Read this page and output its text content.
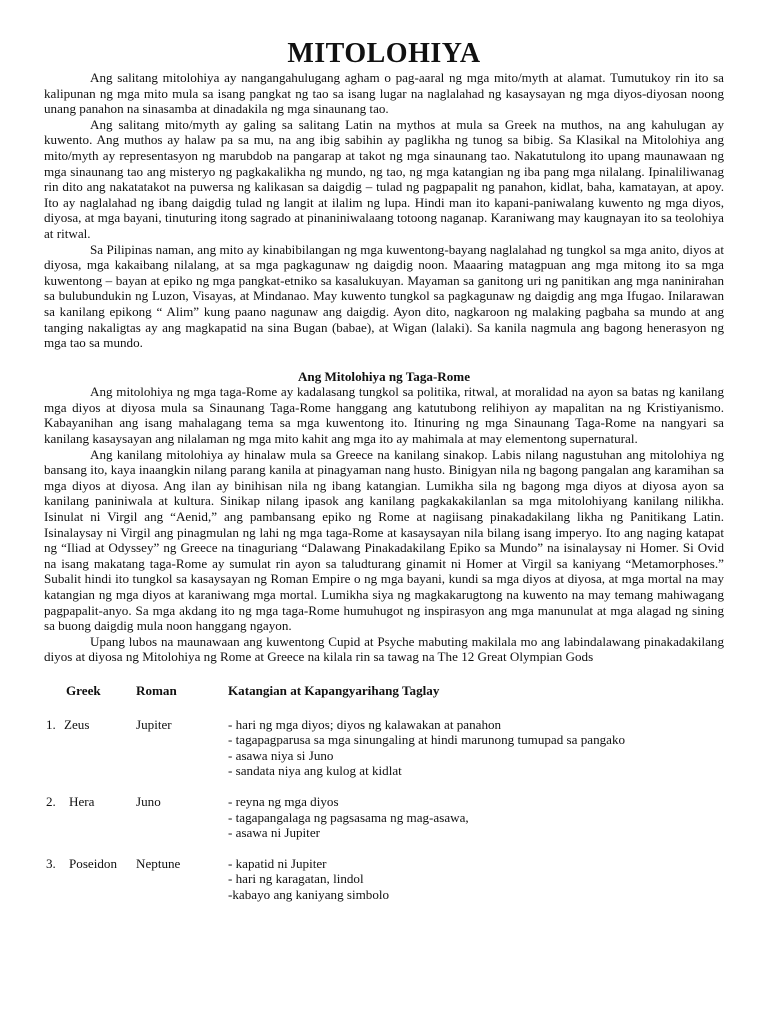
MITOLOHIYA

Ang salitang mitolohiya ay nangangahulugang agham o pag-aaral ng mga mito/myth at alamat. Tumutukoy rin ito sa kalipunan ng mga mito mula sa isang pangkat ng tao sa isang lugar na naglalahad ng kasaysayan ng mga diyos-diyosan noong unang panahon na sinasamba at dinadakila ng mga sinaunang tao.

Ang salitang mito/myth ay galing sa salitang Latin na mythos at mula sa Greek na muthos, na ang kahulugan ay kuwento. Ang muthos ay halaw pa sa mu, na ang ibig sabihin ay paglikha ng tunog sa bibig. Sa Klasikal na Mitolohiya ang mito/myth ay representasyon ng marubdob na pangarap at takot ng mga sinaunang tao. Nakatutulong ito upang maunawaan ng mga sinaunang tao ang misteryo ng pagkakalikha ng mundo, ng tao, ng mga katangian ng iba pang mga nilalang. Ipinaliliwanag rin dito ang nakatatakot na puwersa ng kalikasan sa daigdig – tulad ng pagpapalit ng panahon, kidlat, baha, kamatayan, at apoy. Ito ay naglalahad ng ibang daigdig tulad ng langit at ilalim ng lupa. Hindi man ito kapani-paniwalang kuwento ng mga diyos, diyosa, at mga bayani, tinuturing itong sagrado at pinaniniwalaang totoong naganap. Karaniwang may kaugnayan ito sa teolohiya at ritwal.

Sa Pilipinas naman, ang mito ay kinabibilangan ng mga kuwentong-bayang naglalahad ng tungkol sa mga anito, diyos at diyosa, mga kakaibang nilalang, at sa mga pagkagunaw ng daigdig noon. Maaaring matagpuan ang mga mitong ito sa mga kuwentong – bayan at epiko ng mga pangkat-etniko sa kasalukuyan. Mayaman sa ganitong uri ng panitikan ang mga naninirahan sa bulubundukin ng Luzon, Visayas, at Mindanao. May kuwento tungkol sa pagkagunaw ng daigdig ang mga Ifugao. Inilarawan sa kanilang epikong “ Alim” kung paano nagunaw ang daigdig. Ayon dito, nagkaroon ng malaking pagbaha sa mundo at ang tanging nakaligtas ay ang magkapatid na sina Bugan (babae), at Wigan (lalaki). Sa kanila nagmula ang bagong henerasyon ng mga tao sa mundo.

Ang Mitolohiya ng Taga-Rome

Ang mitolohiya ng mga taga-Rome ay kadalasang tungkol sa politika, ritwal, at moralidad na ayon sa batas ng kanilang mga diyos at diyosa mula sa Sinaunang Taga-Rome hanggang ang katutubong relihiyon ay mapalitan na ng Kristiyanismo. Kabayanihan ang isang mahalagang tema sa mga kuwentong ito. Itinuring ng mga Sinaunang Taga-Rome na nangyari sa kanilang kasaysayan ang nilalaman ng mga mito kahit ang mga ito ay mahimala at may elementong supernatural.

Ang kanilang mitolohiya ay hinalaw mula sa Greece na kanilang sinakop. Labis nilang nagustuhan ang mitolohiya ng bansang ito, kaya inaangkin nilang parang kanila at pinagyaman nang husto. Binigyan nila ng bagong pangalan ang karamihan sa mga diyos at diyosa. Ang ilan ay binihisan nila ng ibang katangian. Lumikha sila ng bagong mga diyos at diyosa ayon sa kanilang paniniwala at kultura. Sinikap nilang ipasok ang kanilang pagkakakilanlan sa mga mitolohiyang kanilang nilikha. Isinulat ni Virgil ang “Aenid,” ang pambansang epiko ng Rome at nagiisang pinakadakilang likha ng Panitikang Latin. Isinalaysay ni Virgil ang pinagmulan ng lahi ng mga taga-Rome at kasaysayan nila bilang isang imperyo. Ito ang naging katapat ng “Iliad at Odyssey” ng Greece na tinaguriang “Dalawang Pinakadakilang Epiko sa Mundo” na isinalaysay ni Homer. Si Ovid na isang makatang taga-Rome ay sumulat rin ayon sa taludturang ginamit ni Homer at Virgil sa kaniyang “Metamorphoses.” Subalit hindi ito tungkol sa kasaysayan ng Roman Empire o ng mga bayani, kundi sa mga diyos at diyosa, at mga mortal na may katangian ng mga diyos at karaniwang mga mortal. Lumikha siya ng magkakarugtong na kuwento na may temang mahiwagang pagpapalit-anyo. Sa mga akdang ito ng mga taga-Rome humuhugot ng inspirasyon ang mga manunulat at mga alagad ng sining sa buong daigdig mula noon hanggang ngayon.

Upang lubos na maunawaan ang kuwentong Cupid at Psyche mabuting makilala mo ang labindalawang pinakadakilang diyos at diyosa ng Mitolohiya ng Rome at Greece na kilala rin sa tawag na The 12 Great Olympian Gods

Greek	Roman	Katangian at Kapangyarihang Taglay

1. Zeus	Jupiter	- hari ng mga diyos; diyos ng kalawakan at panahon
- tagapagparusa sa mga sinungaling at hindi marunong tumupad sa pangako
- asawa niya si Juno
- sandata niya ang kulog at kidlat

2. Hera	Juno	- reyna ng mga diyos
- tagapangalaga ng pagsasama ng mag-asawa,
- asawa ni Jupiter

3. Poseidon	Neptune	- kapatid ni Jupiter
- hari ng karagatan, lindol
-kabayo ang kaniyang simbolo
